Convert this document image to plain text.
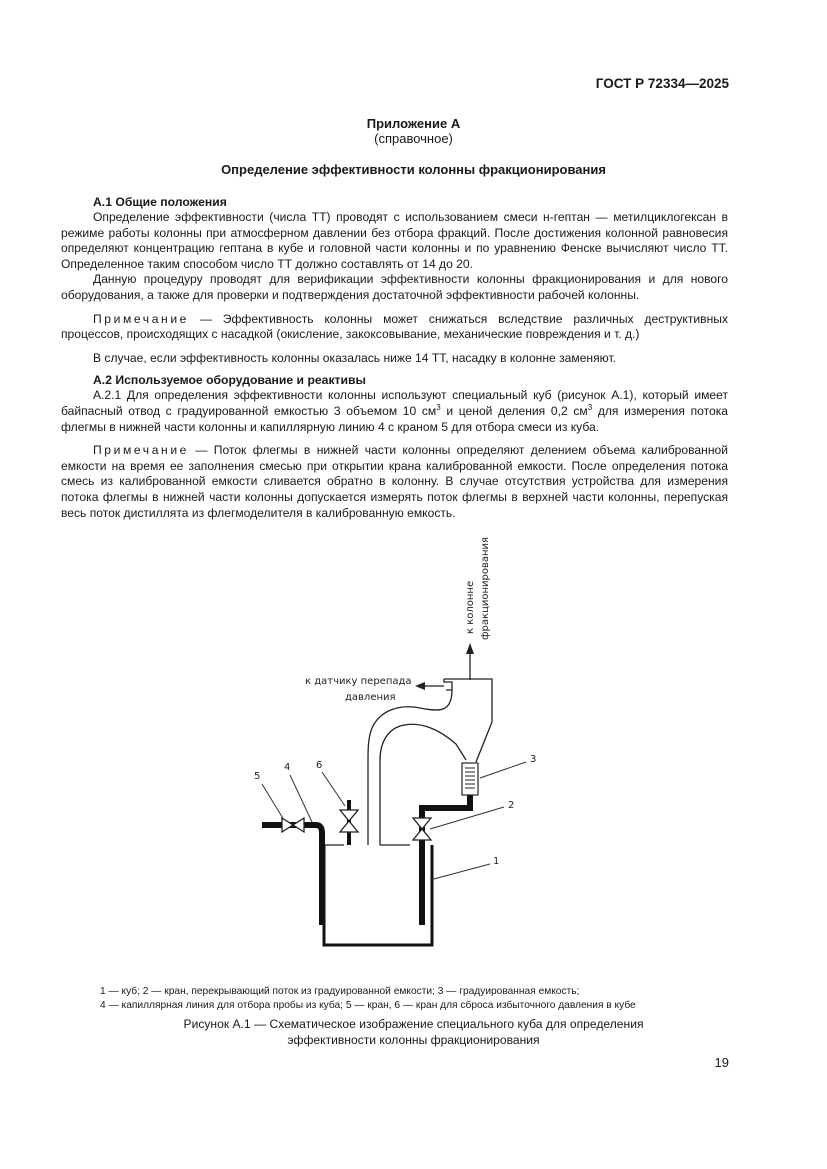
ГОСТ Р 72334—2025
Приложение А
(справочное)
Определение эффективности колонны фракционирования
А.1 Общие положения

Определение эффективности (числа ТТ) проводят с использованием смеси н-гептан — метилциклогексан в режиме работы колонны при атмосферном давлении без отбора фракций. После достижения колонной равновесия определяют концентрацию гептана в кубе и головной части колонны и по уравнению Фенске вычисляют число ТТ. Определенное таким способом число ТТ должно составлять от 14 до 20.

Данную процедуру проводят для верификации эффективности колонны фракционирования и для нового оборудования, а также для проверки и подтверждения достаточной эффективности рабочей колонны.

Примечание — Эффективность колонны может снижаться вследствие различных деструктивных процессов, происходящих с насадкой (окисление, закоксовывание, механические повреждения и т. д.)

В случае, если эффективность колонны оказалась ниже 14 ТТ, насадку в колонне заменяют.

А.2 Используемое оборудование и реактивы

А.2.1 Для определения эффективности колонны используют специальный куб (рисунок А.1), который имеет байпасный отвод с градуированной емкостью 3 объемом 10 $см^3$ и ценой деления 0,2 $см^3$ для измерения потока флегмы в нижней части колонны и капиллярную линию 4 с краном 5 для отбора смеси из куба.

Примечание — Поток флегмы в нижней части колонны определяют делением объема калиброванной емкости на время ее заполнения смесью при открытии крана калиброванной емкости. После определения потока смесь из калиброванной емкости сливается обратно в колонну. В случае отсутствия устройства для измерения потока флегмы в нижней части колонны допускается измерять поток флегмы в верхней части колонны, перепуская весь поток дистиллята из флегмоделителя в калиброванную емкость.

к колонне фракционирования
к датчику перепада
давления
3
2
1
4
5
6

1 — куб; 2 — кран, перекрывающий поток из градуированной емкости; 3 — градуированная емкость;

4 — капиллярная линия для отбора пробы из куба; 5 — кран, 6 — кран для сброса избыточного давления в кубе

Рисунок А.1 — Схематическое изображение специального куба для определения
эффективности колонны фракционирования
19
